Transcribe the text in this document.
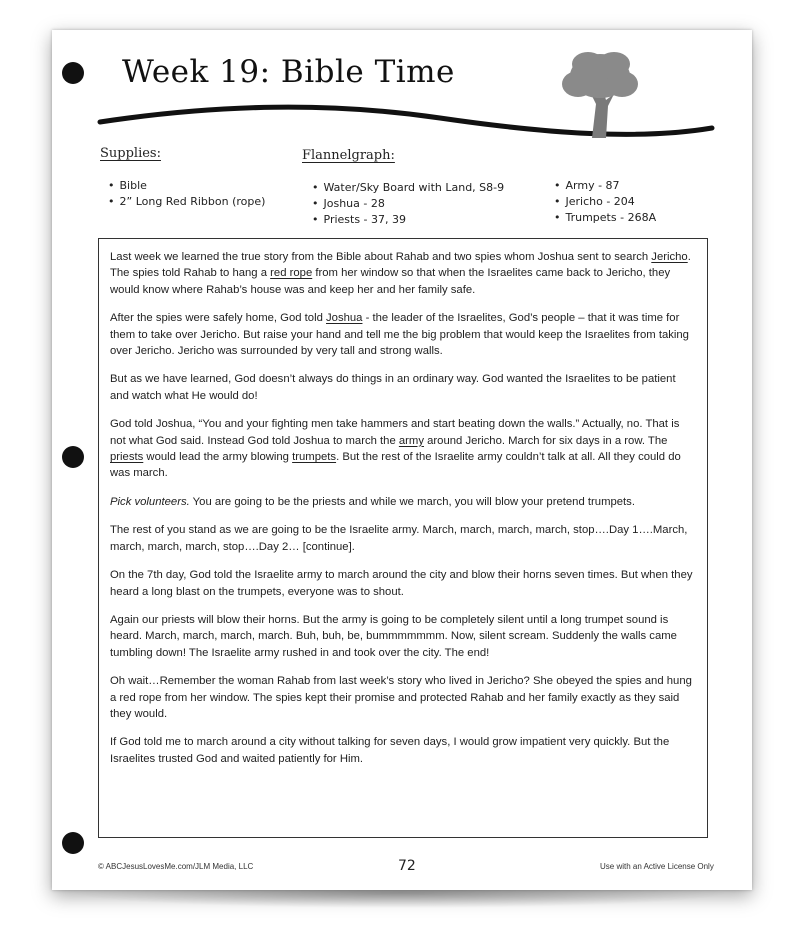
Week 19: Bible Time
Supplies:
• Bible
• 2” Long Red Ribbon (rope)
Flannelgraph:
• Water/Sky Board with Land, S8-9
• Joshua - 28
• Priests - 37, 39
• Army - 87
• Jericho - 204
• Trumpets - 268A

Last week we learned the true story from the Bible about Rahab and two spies whom Joshua sent to search Jericho. The spies told Rahab to hang a red rope from her window so that when the Israelites came back to Jericho, they would know where Rahab’s house was and keep her and her family safe.

After the spies were safely home, God told Joshua - the leader of the Israelites, God’s people – that it was time for them to take over Jericho. But raise your hand and tell me the big problem that would keep the Israelites from taking over Jericho. Jericho was surrounded by very tall and strong walls.

But as we have learned, God doesn’t always do things in an ordinary way. God wanted the Israelites to be patient and watch what He would do!

God told Joshua, “You and your fighting men take hammers and start beating down the walls.” Actually, no. That is not what God said. Instead God told Joshua to march the army around Jericho. March for six days in a row. The priests would lead the army blowing trumpets. But the rest of the Israelite army couldn’t talk at all. All they could do was march.

Pick volunteers. You are going to be the priests and while we march, you will blow your pretend trumpets.

The rest of you stand as we are going to be the Israelite army. March, march, march, march, stop….Day 1….March, march, march, march, stop….Day 2… [continue].

On the 7th day, God told the Israelite army to march around the city and blow their horns seven times. But when they heard a long blast on the trumpets, everyone was to shout.

Again our priests will blow their horns. But the army is going to be completely silent until a long trumpet sound is heard. March, march, march, march. Buh, buh, be, bummmmmmm. Now, silent scream. Suddenly the walls came tumbling down! The Israelite army rushed in and took over the city. The end!

Oh wait…Remember the woman Rahab from last week’s story who lived in Jericho? She obeyed the spies and hung a red rope from her window. The spies kept their promise and protected Rahab and her family exactly as they said they would.

If God told me to march around a city without talking for seven days, I would grow impatient very quickly. But the Israelites trusted God and waited patiently for Him.

© ABCJesusLovesMe.com/JLM Media, LLC	72	Use with an Active License Only
